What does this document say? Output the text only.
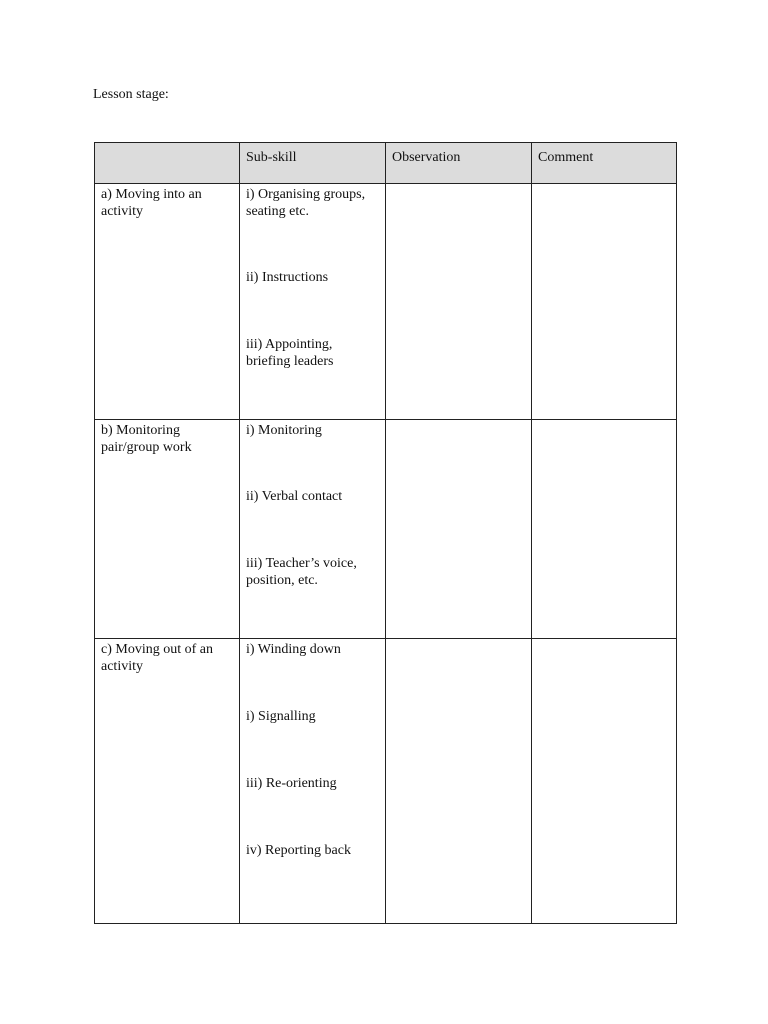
Lesson stage:
	Sub-skill	Observation	Comment

a) Moving into an activity	i) Organising groups, seating etc.
ii) Instructions
iii) Appointing, briefing leaders		

b) Monitoring pair/group work	i) Monitoring
ii) Verbal contact
iii) Teacher’s voice, position, etc.		

c) Moving out of an activity	i) Winding down
i) Signalling
iii) Re-orienting
iv) Reporting back		
